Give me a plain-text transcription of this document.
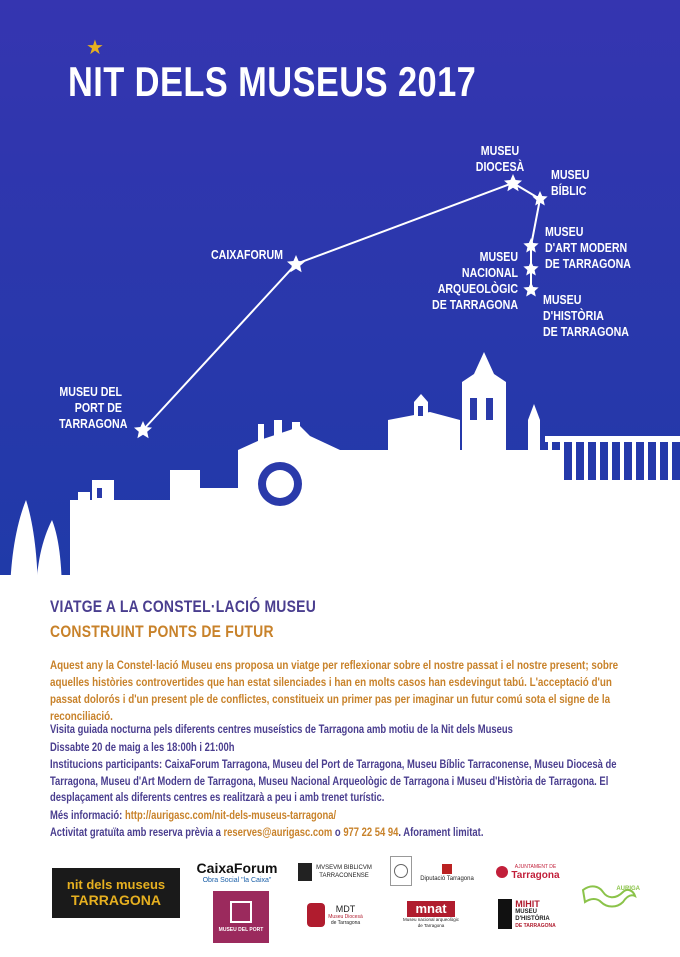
★
NIT DELS MUSEUS 2017
MUSEU DEL
PORT DE
TARRAGONA
CAIXAFORUM
MUSEU
DIOCESÀ
MUSEU
BÍBLIC
MUSEU
D'ART MODERN
DE TARRAGONA
MUSEU
NACIONAL
ARQUEOLÒGIC
DE TARRAGONA MUSEU
D'HISTÒRIA
DE TARRAGONA
VIATGE A LA CONSTEL·LACIÓ MUSEU
CONSTRUINT PONTS DE FUTUR
Aquest any la Constel·lació Museu ens proposa un viatge per reflexionar sobre el nostre passat i el nostre present; sobre aquelles històries controvertides que han estat silenciades i han en molts casos han esdevingut tabú. L'acceptació d'un passat dolorós i d'un present ple de conflictes, constitueix un primer pas per imaginar un futur comú sota el signe de la reconciliació.

Visita guiada nocturna pels diferents centres museístics de Tarragona amb motiu de la Nit dels Museus

Dissabte 20 de maig a les 18:00h i 21:00h

Institucions participants: CaixaForum Tarragona, Museu del Port de Tarragona, Museu Bíblic Tarraconense, Museu Diocesà de Tarragona, Museu d'Art Modern de Tarragona, Museu Nacional Arqueològic de Tarragona i Museu d'Història de Tarragona. El desplaçament als diferents centres es realitzarà a peu i amb trenet turístic.

Més informació: http://aurigasc.com/nit-dels-museus-tarragona/

Activitat gratuïta amb reserva prèvia a reserves@aurigasc.com o 977 22 54 94. Aforament limitat.

nit dels museus
TARRAGONA
CaixaForum
Obra Social "la Caixa"
MVSEVM BIBLICVM
TARRACONENSE	Diputació Tarragona
AJUNTAMENT DE
Tarragona
AURIGA
MUSEU DEL PORT
MDT
Museu Diocesà
de Tarragona
mnat
Museu nacional arqueològic
de Tarragona
MIHIT
MUSEU
D'HISTÒRIA
DE TARRAGONA
